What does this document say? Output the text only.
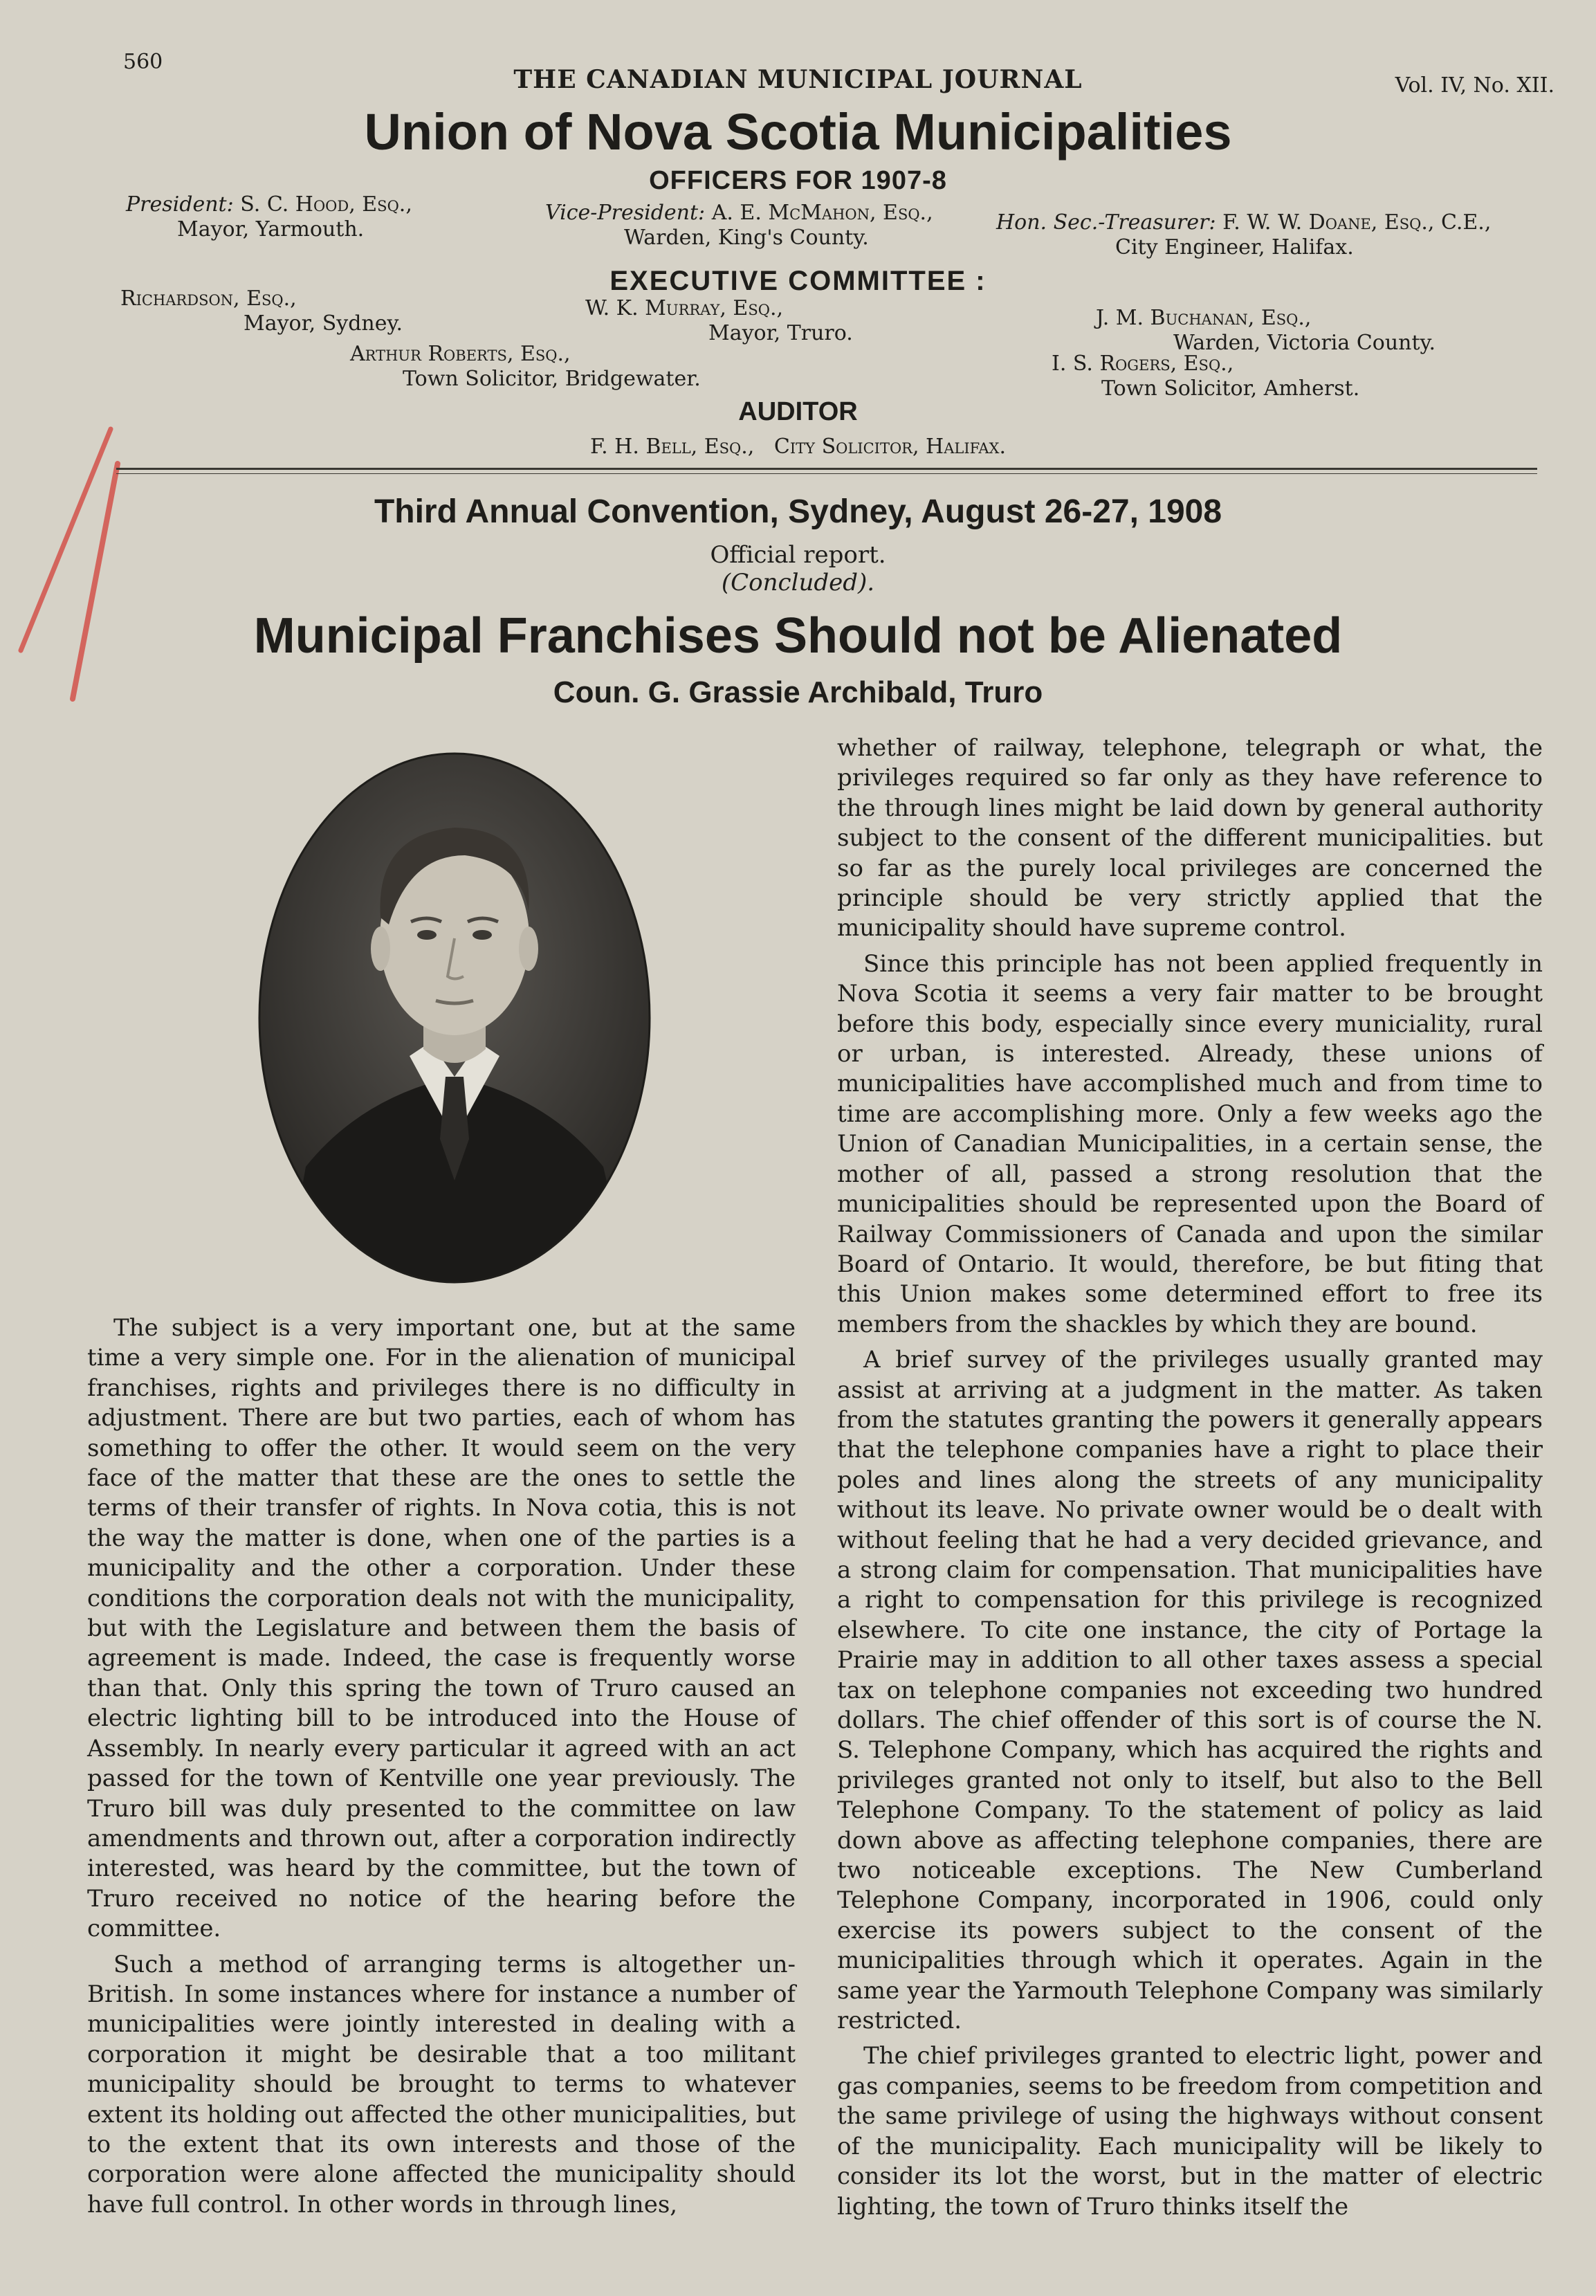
560
THE CANADIAN MUNICIPAL JOURNAL	Vol. IV, No. XII.
Union of Nova Scotia Municipalities
OFFICERS FOR 1907-8
President: S. C. Hood, Esq.,
Mayor, Yarmouth.
Vice-President: A. E. McMahon, Esq.,
Warden, King's County.
Hon. Sec.-Treasurer: F. W. W. Doane, Esq., C.E.,
City Engineer, Halifax.
EXECUTIVE COMMITTEE :
Richardson, Esq.,
Mayor, Sydney.
W. K. Murray, Esq.,
Mayor, Truro.
Arthur Roberts, Esq.,
Town Solicitor, Bridgewater.
J. M. Buchanan, Esq.,
Warden, Victoria County.
I. S. Rogers, Esq.,
Town Solicitor, Amherst.
AUDITOR
F. H. Bell, Esq.,   City Solicitor, Halifax.
Third Annual Convention, Sydney, August 26-27, 1908
Official report.
(Concluded).
Municipal Franchises Should not be Alienated
Coun. G. Grassie Archibald, Truro

The subject is a very important one, but at the same time a very simple one. For in the alienation of municipal franchises, rights and privileges there is no difficulty in adjustment. There are but two parties, each of whom has something to offer the other. It would seem on the very face of the matter that these are the ones to settle the terms of their transfer of rights. In Nova cotia, this is not the way the matter is done, when one of the parties is a municipality and the other a corporation. Under these conditions the corporation deals not with the municipality, but with the Legislature and between them the basis of agreement is made. Indeed, the case is frequently worse than that. Only this spring the town of Truro caused an electric lighting bill to be introduced into the House of Assembly. In nearly every particular it agreed with an act passed for the town of Kentville one year previously. The Truro bill was duly presented to the committee on law amendments and thrown out, after a corporation indirectly interested, was heard by the committee, but the town of Truro received no notice of the hearing before the committee.

Such a method of arranging terms is altogether un-British. In some instances where for instance a number of municipalities were jointly interested in dealing with a corporation it might be desirable that a too militant municipality should be brought to terms to whatever extent its holding out affected the other municipalities, but to the extent that its own interests and those of the corporation were alone affected the municipality should have full control. In other words in through lines,

whether of railway, telephone, telegraph or what, the privileges required so far only as they have reference to the through lines might be laid down by general authority subject to the consent of the different municipalities. but so far as the purely local privileges are concerned the principle should be very strictly applied that the municipality should have supreme control.

Since this principle has not been applied frequently in Nova Scotia it seems a very fair matter to be brought before this body, especially since every municiality, rural or urban, is interested. Already, these unions of municipalities have accomplished much and from time to time are accomplishing more. Only a few weeks ago the Union of Canadian Municipalities, in a certain sense, the mother of all, passed a strong resolution that the municipalities should be represented upon the Board of Railway Commissioners of Canada and upon the similar Board of Ontario. It would, therefore, be but fiting that this Union makes some determined effort to free its members from the shackles by which they are bound.

A brief survey of the privileges usually granted may assist at arriving at a judgment in the matter. As taken from the statutes granting the powers it generally appears that the telephone companies have a right to place their poles and lines along the streets of any municipality without its leave. No private owner would be o dealt with without feeling that he had a very decided grievance, and a strong claim for compensation. That municipalities have a right to compensation for this privilege is recognized elsewhere. To cite one instance, the city of Portage la Prairie may in addition to all other taxes assess a special tax on telephone companies not exceeding two hundred dollars. The chief offender of this sort is of course the N. S. Telephone Company, which has acquired the rights and privileges granted not only to itself, but also to the Bell Telephone Company. To the statement of policy as laid down above as affecting telephone companies, there are two noticeable exceptions. The New Cumberland Telephone Company, incorporated in 1906, could only exercise its powers subject to the consent of the municipalities through which it operates. Again in the same year the Yarmouth Telephone Company was similarly restricted.

The chief privileges granted to electric light, power and gas companies, seems to be freedom from competition and the same privilege of using the highways without consent of the municipality. Each municipality will be likely to consider its lot the worst, but in the matter of electric lighting, the town of Truro thinks itself the
